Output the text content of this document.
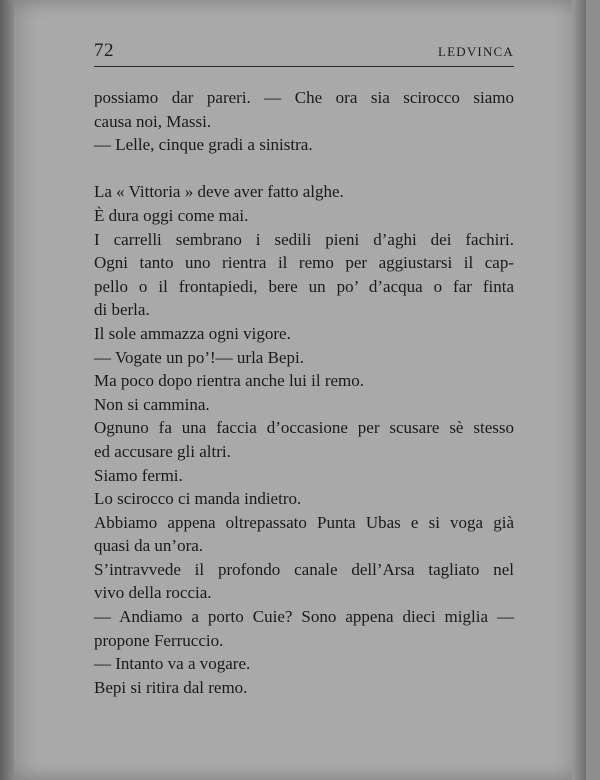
72	LEDVINCA
possiamo dar pareri. — Che ora sia scirocco siamo
causa noi, Massi.
— Lelle, cinque gradi a sinistra.
La « Vittoria » deve aver fatto alghe.
È dura oggi come mai.
I carrelli sembrano i sedili pieni d’aghi dei fachiri.
Ogni tanto uno rientra il remo per aggiustarsi il cap-
pello o il frontapiedi, bere un po’ d’acqua o far finta
di berla.
Il sole ammazza ogni vigore.
— Vogate un po’!— urla Bepi.
Ma poco dopo rientra anche lui il remo.
Non si cammina.
Ognuno fa una faccia d’occasione per scusare sè stesso
ed accusare gli altri.
Siamo fermi.
Lo scirocco ci manda indietro.
Abbiamo appena oltrepassato Punta Ubas e si voga già
quasi da un’ora.
S’intravvede il profondo canale dell’Arsa tagliato nel
vivo della roccia.
— Andiamo a porto Cuie? Sono appena dieci miglia —
propone Ferruccio.
— Intanto va a vogare.
Bepi si ritira dal remo.
